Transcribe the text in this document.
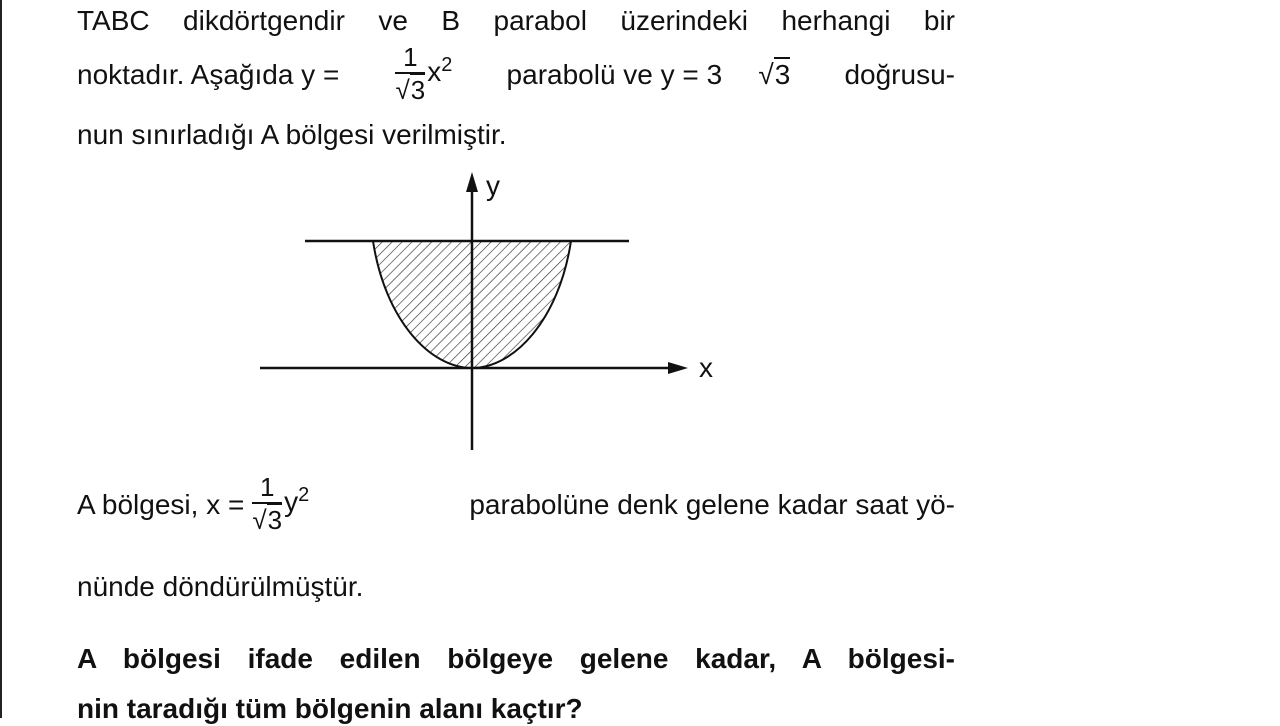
TABC dikdörtgendir ve B parabol üzerindeki herhangi bir
noktadır. Aşağıda $y = \frac{1}{√3}$ x 2 parabolü ve y = 3 √3 doğrusu-
nun sınırladığı A bölgesi verilmiştir.
y
x
A bölgesi, $x = \frac{1}{√3}$ y 2	parabolüne denk gelene kadar saat yö-
nünde döndürülmüştür.
A bölgesi ifade edilen bölgeye gelene kadar, A bölgesi-
nin taradığı tüm bölgenin alanı kaçtır?
